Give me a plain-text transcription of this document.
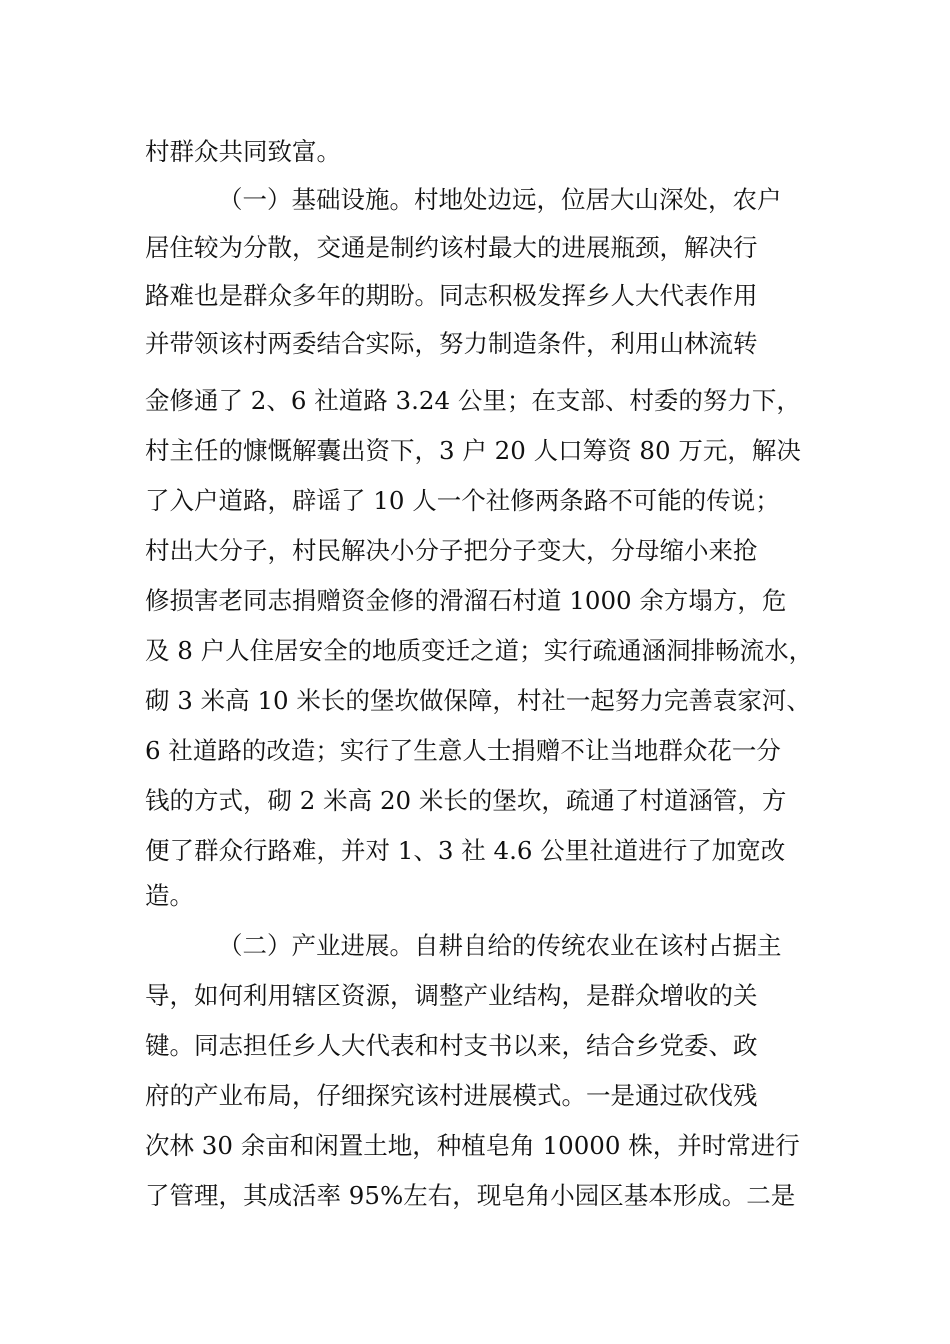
村群众共同致富。
（一）基础设施。村地处边远，位居大山深处，农户
居住较为分散，交通是制约该村最大的进展瓶颈，解决行
路难也是群众多年的期盼。同志积极发挥乡人大代表作用
并带领该村两委结合实际，努力制造条件，利用山林流转
金修通了 2、6 社道路 3.24 公里；在支部、村委的努力下，
村主任的慷慨解囊出资下，3 户 20 人口筹资 80 万元，解决
了入户道路，辟谣了 10 人一个社修两条路不可能的传说；
村出大分子，村民解决小分子把分子变大，分母缩小来抢
修损害老同志捐赠资金修的滑溜石村道 1000 余方塌方，危
及 8 户人住居安全的地质变迁之道；实行疏通涵洞排畅流水，
砌 3 米高 10 米长的堡坎做保障，村社一起努力完善袁家河、
6 社道路的改造；实行了生意人士捐赠不让当地群众花一分
钱的方式，砌 2 米高 20 米长的堡坎，疏通了村道涵管，方
便了群众行路难，并对 1、3 社 4.6 公里社道进行了加宽改
造。
（二）产业进展。自耕自给的传统农业在该村占据主
导，如何利用辖区资源，调整产业结构，是群众增收的关
键。同志担任乡人大代表和村支书以来，结合乡党委、政
府的产业布局，仔细探究该村进展模式。一是通过砍伐残
次林 30 余亩和闲置土地，种植皂角 10000 株，并时常进行
了管理，其成活率 95%左右，现皂角小园区基本形成。二是
